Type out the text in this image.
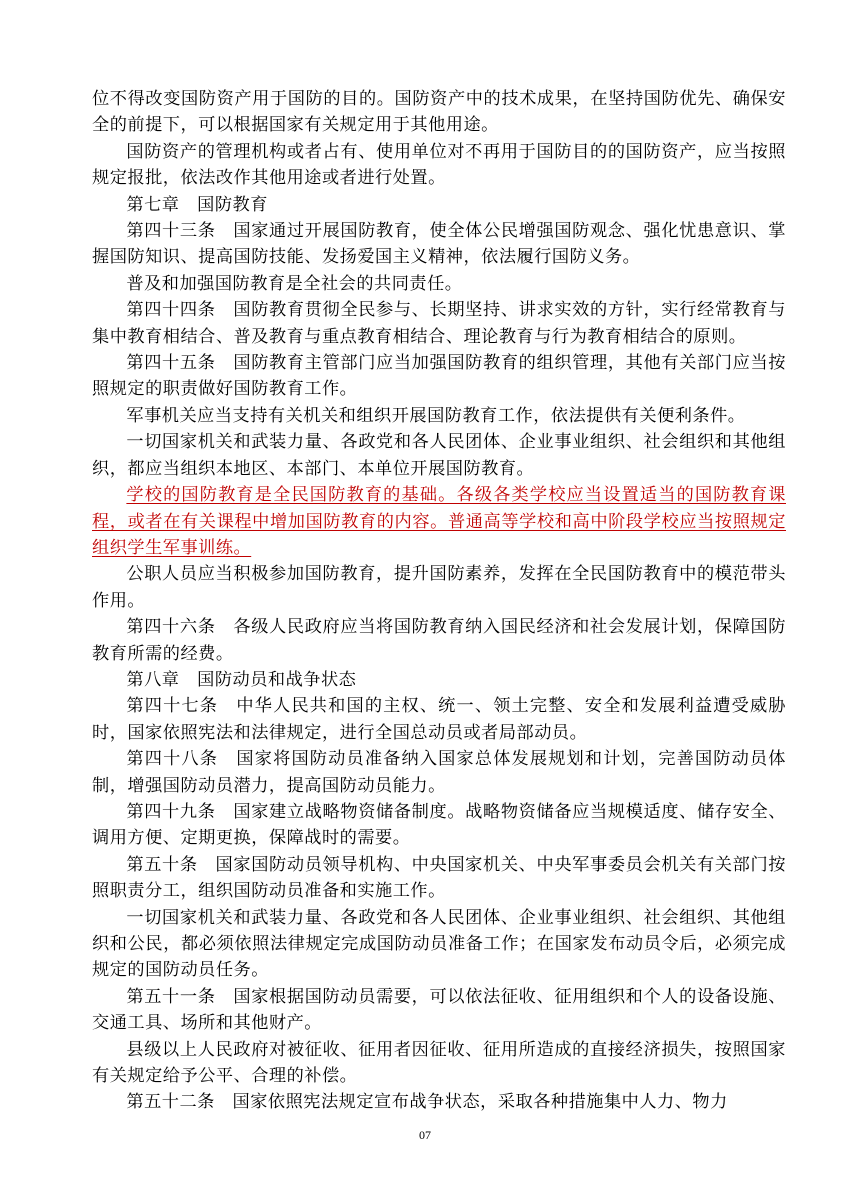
位不得改变国防资产用于国防的目的。国防资产中的技术成果，在坚持国防优先、确保安全的前提下，可以根据国家有关规定用于其他用途。

国防资产的管理机构或者占有、使用单位对不再用于国防目的的国防资产，应当按照规定报批，依法改作其他用途或者进行处置。

第七章　国防教育

第四十三条　国家通过开展国防教育，使全体公民增强国防观念、强化忧患意识、掌握国防知识、提高国防技能、发扬爱国主义精神，依法履行国防义务。

普及和加强国防教育是全社会的共同责任。

第四十四条　国防教育贯彻全民参与、长期坚持、讲求实效的方针，实行经常教育与集中教育相结合、普及教育与重点教育相结合、理论教育与行为教育相结合的原则。

第四十五条　国防教育主管部门应当加强国防教育的组织管理，其他有关部门应当按照规定的职责做好国防教育工作。

军事机关应当支持有关机关和组织开展国防教育工作，依法提供有关便利条件。

一切国家机关和武装力量、各政党和各人民团体、企业事业组织、社会组织和其他组织，都应当组织本地区、本部门、本单位开展国防教育。

学校的国防教育是全民国防教育的基础。各级各类学校应当设置适当的国防教育课程，或者在有关课程中增加国防教育的内容。普通高等学校和高中阶段学校应当按照规定组织学生军事训练。

公职人员应当积极参加国防教育，提升国防素养，发挥在全民国防教育中的模范带头作用。

第四十六条　各级人民政府应当将国防教育纳入国民经济和社会发展计划，保障国防教育所需的经费。

第八章　国防动员和战争状态

第四十七条　中华人民共和国的主权、统一、领土完整、安全和发展利益遭受威胁时，国家依照宪法和法律规定，进行全国总动员或者局部动员。

第四十八条　国家将国防动员准备纳入国家总体发展规划和计划，完善国防动员体制，增强国防动员潜力，提高国防动员能力。

第四十九条　国家建立战略物资储备制度。战略物资储备应当规模适度、储存安全、调用方便、定期更换，保障战时的需要。

第五十条　国家国防动员领导机构、中央国家机关、中央军事委员会机关有关部门按照职责分工，组织国防动员准备和实施工作。

一切国家机关和武装力量、各政党和各人民团体、企业事业组织、社会组织、其他组织和公民，都必须依照法律规定完成国防动员准备工作；在国家发布动员令后，必须完成规定的国防动员任务。

第五十一条　国家根据国防动员需要，可以依法征收、征用组织和个人的设备设施、交通工具、场所和其他财产。

县级以上人民政府对被征收、征用者因征收、征用所造成的直接经济损失，按照国家有关规定给予公平、合理的补偿。

第五十二条　国家依照宪法规定宣布战争状态，采取各种措施集中人力、物力

07
